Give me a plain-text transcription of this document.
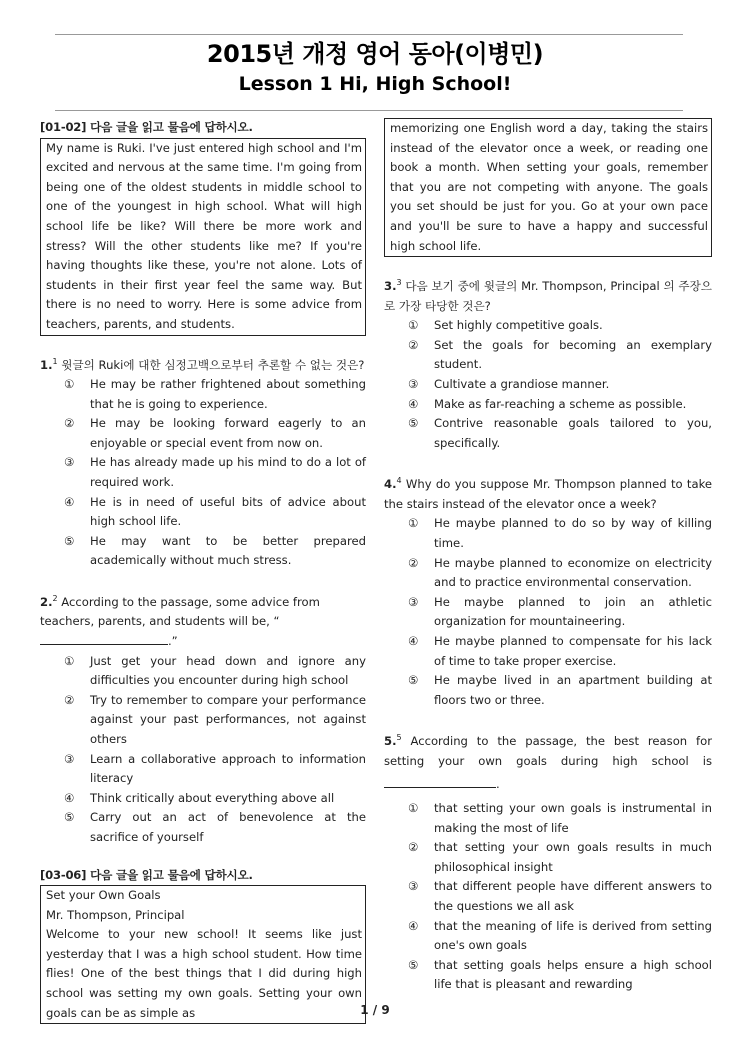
2015년 개정 영어 동아(이병민)
Lesson 1 Hi, High School!
[01-02] 다음 글을 읽고 물음에 답하시오.
My name is Ruki. I've just entered high school and I'm excited and nervous at the same time. I'm going from being one of the oldest students in middle school to one of the youngest in high school. What will high school life be like? Will there be more work and stress? Will the other students like me? If you're having thoughts like these, you're not alone. Lots of students in their first year feel the same way. But there is no need to worry. Here is some advice from teachers, parents, and students.
1.$^1$ 윗글의 Ruki에 대한 심정고백으로부터 추론할 수 없는 것은?
①	He may be rather frightened about something that he is going to experience.
②	He may be looking forward eagerly to an enjoyable or special event from now on.
③	He has already made up his mind to do a lot of required work.
④	He is in need of useful bits of advice about high school life.
⑤	He may want to be better prepared academically without much stress.
2.$^2$ According to the passage, some advice from teachers, parents, and students will be, “.”
①	Just get your head down and ignore any difficulties you encounter during high school
②	Try to remember to compare your performance against your past performances, not against others
③	Learn a collaborative approach to information literacy
④	Think critically about everything above all
⑤	Carry out an act of benevolence at the sacrifice of yourself
[03-06] 다음 글을 읽고 물음에 답하시오.
Set your Own Goals
Mr. Thompson, Principal
Welcome to your new school! It seems like just yesterday that I was a high school student. How time flies! One of the best things that I did during high school was setting my own goals. Setting your own goals can be as simple as
memorizing one English word a day, taking the stairs instead of the elevator once a week, or reading one book a month. When setting your goals, remember that you are not competing with anyone. The goals you set should be just for you. Go at your own pace and you'll be sure to have a happy and successful high school life.
3.$^3$ 다음 보기 중에 윗글의 Mr. Thompson, Principal 의 주장으로 가장 타당한 것은?
①	Set highly competitive goals.
②	Set the goals for becoming an exemplary student.
③	Cultivate a grandiose manner.
④	Make as far-reaching a scheme as possible.
⑤	Contrive reasonable goals tailored to you, specifically.
4.$^4$ Why do you suppose Mr. Thompson planned to take the stairs instead of the elevator once a week?
①	He maybe planned to do so by way of killing time.
②	He maybe planned to economize on electricity and to practice environmental conservation.
③	He maybe planned to join an athletic organization for mountaineering.
④	He maybe planned to compensate for his lack of time to take proper exercise.
⑤	He maybe lived in an apartment building at floors two or three.
5.$^5$ According to the passage, the best reason for setting your own goals during high school is
.
①	that setting your own goals is instrumental in making the most of life
②	that setting your own goals results in much philosophical insight
③	that different people have different answers to the questions we all ask
④	that the meaning of life is derived from setting one's own goals
⑤	that setting goals helps ensure a high school life that is pleasant and rewarding
1 / 9
